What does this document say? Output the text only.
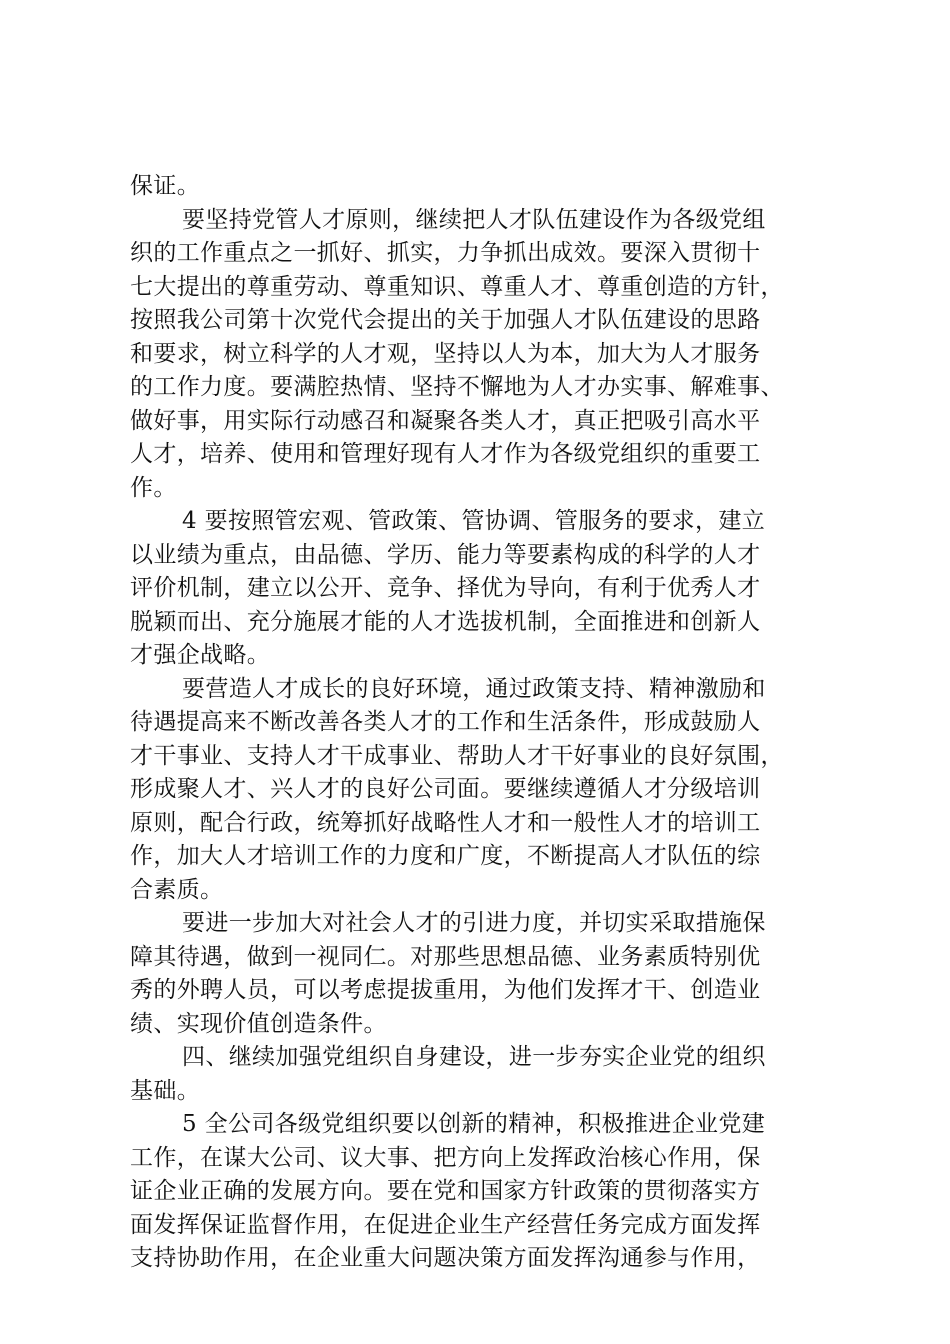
保证。
要坚持党管人才原则，继续把人才队伍建设作为各级党组
织的工作重点之一抓好、抓实，力争抓出成效。要深入贯彻十
七大提出的尊重劳动、尊重知识、尊重人才、尊重创造的方针，
按照我公司第十次党代会提出的关于加强人才队伍建设的思路
和要求，树立科学的人才观，坚持以人为本，加大为人才服务
的工作力度。要满腔热情、坚持不懈地为人才办实事、解难事、
做好事，用实际行动感召和凝聚各类人才，真正把吸引高水平
人才，培养、使用和管理好现有人才作为各级党组织的重要工
作。
4 要按照管宏观、管政策、管协调、管服务的要求，建立
以业绩为重点，由品德、学历、能力等要素构成的科学的人才
评价机制，建立以公开、竞争、择优为导向，有利于优秀人才
脱颖而出、充分施展才能的人才选拔机制，全面推进和创新人
才强企战略。
要营造人才成长的良好环境，通过政策支持、精神激励和
待遇提高来不断改善各类人才的工作和生活条件，形成鼓励人
才干事业、支持人才干成事业、帮助人才干好事业的良好氛围，
形成聚人才、兴人才的良好公司面。要继续遵循人才分级培训
原则，配合行政，统筹抓好战略性人才和一般性人才的培训工
作，加大人才培训工作的力度和广度，不断提高人才队伍的综
合素质。
要进一步加大对社会人才的引进力度，并切实采取措施保
障其待遇，做到一视同仁。对那些思想品德、业务素质特别优
秀的外聘人员，可以考虑提拔重用，为他们发挥才干、创造业
绩、实现价值创造条件。
四、继续加强党组织自身建设，进一步夯实企业党的组织
基础。
5 全公司各级党组织要以创新的精神，积极推进企业党建
工作，在谋大公司、议大事、把方向上发挥政治核心作用，保
证企业正确的发展方向。要在党和国家方针政策的贯彻落实方
面发挥保证监督作用，在促进企业生产经营任务完成方面发挥
支持协助作用，在企业重大问题决策方面发挥沟通参与作用，
